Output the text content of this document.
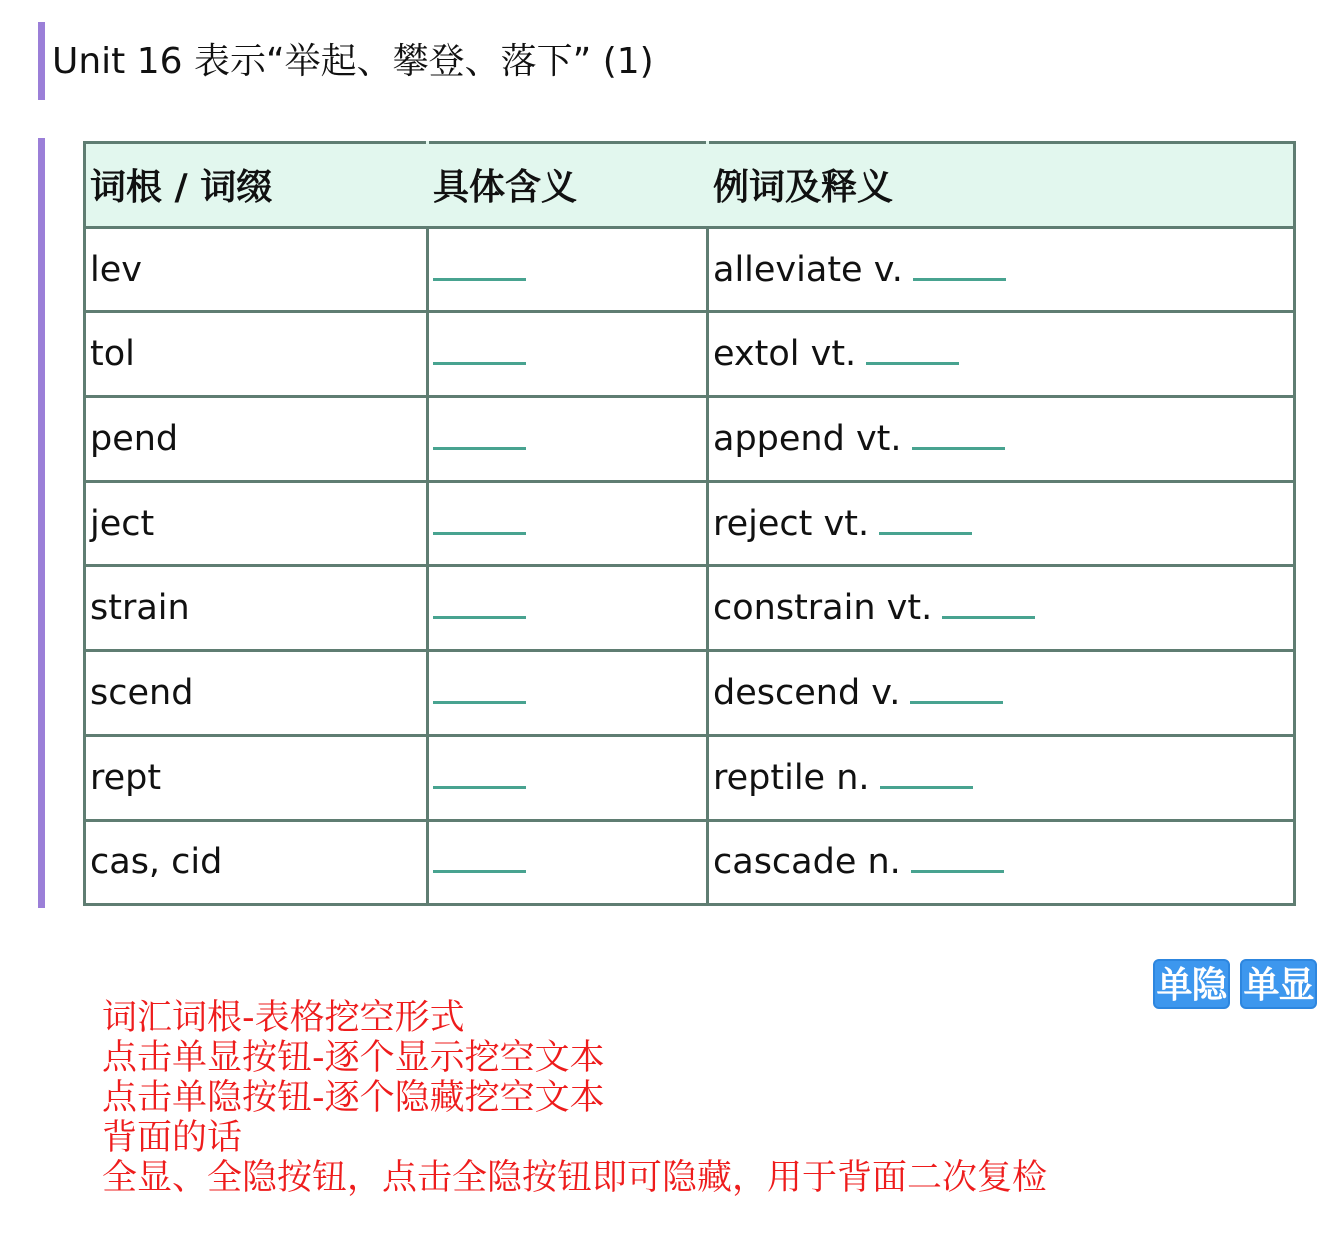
Unit 16 表示“举起、攀登、落下” (1)
词根 / 词缀	具体含义	例词及释义
lev		alleviate v.
tol		extol vt.
pend		append vt.
ject		reject vt.
strain		constrain vt.
scend		descend v.
rept		reptile n.
cas, cid		cascade n.
单隐 单显
词汇词根-表格挖空形式
点击单显按钮-逐个显示挖空文本
点击单隐按钮-逐个隐藏挖空文本
背面的话
全显、全隐按钮，点击全隐按钮即可隐藏，用于背面二次复检
